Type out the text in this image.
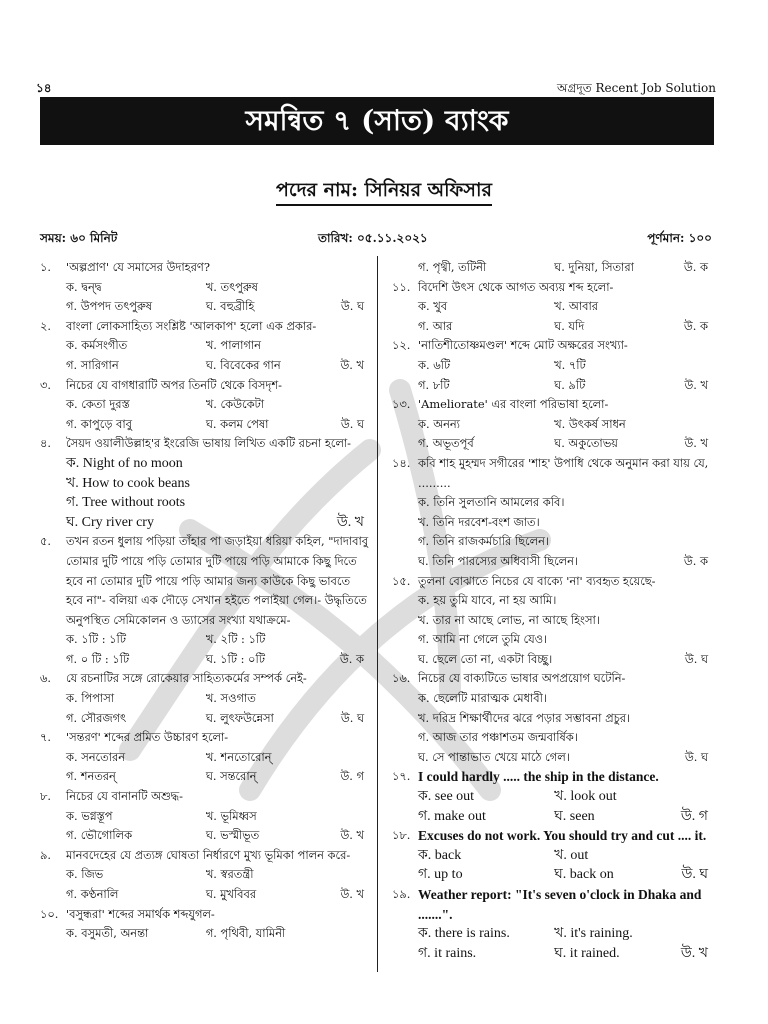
১৪	অগ্রদূত Recent Job Solution
সমন্বিত ৭ (সাত) ব্যাংক
পদের নাম: সিনিয়র অফিসার
সময়: ৬০ মিনিট	তারিখ: ০৫.১১.২০২১	পূর্ণমান: ১০০
১.	'অল্পপ্রাণ' যে সমাসের উদাহরণ?
ক. দ্বন্দ্ব	খ. তৎপুরুষ
গ. উপপদ তৎপুরুষ	ঘ. বহুব্রীহি	উ. ঘ
২.	বাংলা লোকসাহিত্য সংশ্লিষ্ট 'আলকাপ' হলো এক প্রকার-
ক. কর্মসংগীত	খ. পালাগান
গ. সারিগান	ঘ. বিবেকের গান	উ. খ
৩.	নিচের যে বাগধারাটি অপর তিনটি থেকে বিসদৃশ-
ক. কেতা দুরস্ত	খ. কেউকেটা
গ. কাপুড়ে বাবু	ঘ. কলম পেষা	উ. ঘ
৪.	সৈয়দ ওয়ালীউল্লাহ'র ইংরেজি ভাষায় লিখিত একটি রচনা হলো-
ক. Night of no moon
খ. How to cook beans
গ. Tree without roots
ঘ. Cry river cry	উ. খ
৫.	তখন রতন ধুলায় পড়িয়া তাঁহার পা জড়াইয়া ধরিয়া কহিল, "দাদাবাবু তোমার দুটি পায়ে পড়ি তোমার দুটি পায়ে পড়ি আমাকে কিছু দিতে হবে না তোমার দুটি পায়ে পড়ি আমার জন্য কাউকে কিছু ভাবতে হবে না"- বলিয়া এক দৌড়ে সেখান হইতে পলাইয়া গেল।- উদ্ধৃতিতে অনুপস্থিত সেমিকোলন ও ড্যাসের সংখ্যা যথাক্রমে-
ক. ১টি : ১টি	খ. ২টি : ১টি
গ. ০ টি : ১টি	ঘ. ১টি : ০টি	উ. ক
৬.	যে রচনাটির সঙ্গে রোকেয়ার সাহিত্যকর্মের সম্পর্ক নেই-
ক. পিপাসা	খ. সওগাত
গ. সৌরজগৎ	ঘ. লুৎফউন্নেসা	উ. ঘ
৭.	'সন্তরণ' শব্দের প্রমিত উচ্চারণ হলো-
ক. সনতোরন	খ. শনতোরোন্
গ. শনতরন্	ঘ. সন্তরোন্	উ. গ
৮.	নিচের যে বানানটি অশুদ্ধ-
ক. ভগ্নস্তূপ	খ. ভূমিধ্বস
গ. ভৌগোলিক	ঘ. ভস্মীভূত	উ. খ
৯.	মানবদেহের যে প্রত্যঙ্গ ঘোষতা নির্ধারণে মুখ্য ভূমিকা পালন করে-
ক. জিভ	খ. স্বরতন্ত্রী
গ. কণ্ঠনালি	ঘ. মুখবিবর	উ. খ
১০. 'বসুন্ধরা' শব্দের সমার্থক শব্দযুগল-
ক. বসুমতী, অনন্তা	গ. পৃথিবী, যামিনী
গ. পৃথ্বী, তটিনী	ঘ. দুনিয়া, সিতারা	উ. ক
১১. বিদেশি উৎস থেকে আগত অব্যয় শব্দ হলো-
ক. খুব	খ. আবার
গ. আর	ঘ. যদি	উ. ক
১২. 'নাতিশীতোষ্ণমণ্ডল' শব্দে মোট অক্ষরের সংখ্যা-
ক. ৬টি	খ. ৭টি
গ. ৮টি	ঘ. ৯টি	উ. খ
১৩. 'Ameliorate' এর বাংলা পরিভাষা হলো-
ক. অনন্য	খ. উৎকর্ষ সাধন
গ. অভূতপূর্ব	ঘ. অকুতোভয়	উ. খ
১৪. কবি শাহ মুহম্মদ সগীরের 'শাহ' উপাধি থেকে অনুমান করা যায় যে, .........
ক. তিনি সুলতানি আমলের কবি।
খ. তিনি দরবেশ-বংশ জাত।
গ. তিনি রাজকর্মচারি ছিলেন।
ঘ. তিনি পারস্যের অধিবাসী ছিলেন।	উ. ক
১৫. তুলনা বোঝাতে নিচের যে বাক্যে 'না' ব্যবহৃত হয়েছে-
ক. হয় তুমি যাবে, না হয় আমি।
খ. তার না আছে লোভ, না আছে হিংসা।
গ. আমি না গেলে তুমি যেও।
ঘ. ছেলে তো না, একটা বিচ্ছু।	উ. ঘ
১৬. নিচের যে বাক্যটিতে ভাষার অপপ্রয়োগ ঘটেনি-
ক. ছেলেটি মারাত্মক মেধাবী।
খ. দরিদ্র শিক্ষার্থীদের ঝরে পড়ার সম্ভাবনা প্রচুর।
গ. আজ তার পঞ্চাশতম জন্মবার্ষিক।
ঘ. সে পান্তাভাত খেয়ে মাঠে গেল।	উ. ঘ
১৭. I could hardly ..... the ship in the distance.
ক. see out	খ. look out
গ. make out	ঘ. seen	উ. গ
১৮. Excuses do not work. You should try and cut .... it.
ক. back	খ. out
গ. up to	ঘ. back on	উ. ঘ
১৯. Weather report: "It's seven o'clock in Dhaka and .......".
ক. there is rains.	খ. it's raining.
গ. it rains.	ঘ. it rained.	উ. খ
